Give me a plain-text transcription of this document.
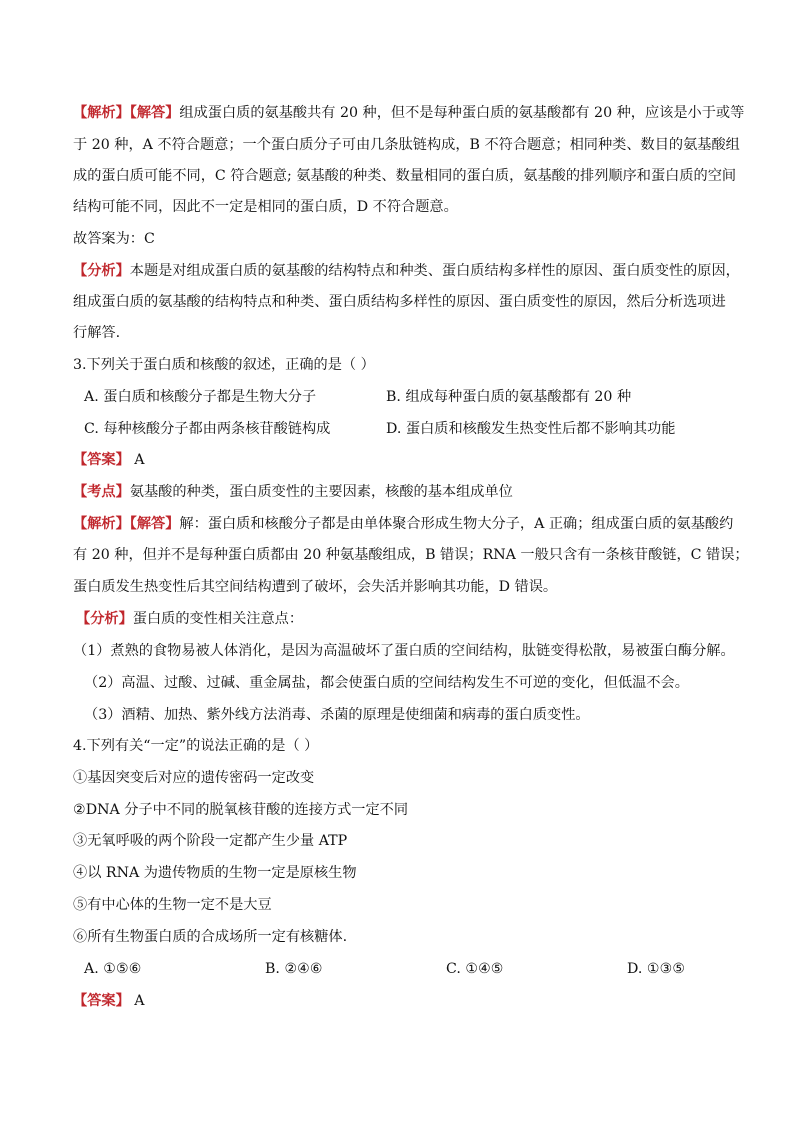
【解析】【解答】组成蛋白质的氨基酸共有 20 种，但不是每种蛋白质的氨基酸都有 20 种，应该是小于或等
于 20 种，A 不符合题意；一个蛋白质分子可由几条肽链构成，B 不符合题意；相同种类、数目的氨基酸组
成的蛋白质可能不同，C 符合题意; 氨基酸的种类、数量相同的蛋白质，氨基酸的排列顺序和蛋白质的空间
结构可能不同，因此不一定是相同的蛋白质，D 不符合题意。
故答案为：C
【分析】本题是对组成蛋白质的氨基酸的结构特点和种类、蛋白质结构多样性的原因、蛋白质变性的原因，
组成蛋白质的氨基酸的结构特点和种类、蛋白质结构多样性的原因、蛋白质变性的原因，然后分析选项进
行解答.
3.下列关于蛋白质和核酸的叙述，正确的是（ ）
A. 蛋白质和核酸分子都是生物大分子	B. 组成每种蛋白质的氨基酸都有 20 种
C. 每种核酸分子都由两条核苷酸链构成	D. 蛋白质和核酸发生热变性后都不影响其功能
【答案】 A
【考点】氨基酸的种类，蛋白质变性的主要因素，核酸的基本组成单位
【解析】【解答】解：蛋白质和核酸分子都是由单体聚合形成生物大分子，A 正确；组成蛋白质的氨基酸约
有 20 种，但并不是每种蛋白质都由 20 种氨基酸组成，B 错误；RNA 一般只含有一条核苷酸链，C 错误；
蛋白质发生热变性后其空间结构遭到了破坏，会失活并影响其功能，D 错误。
【分析】蛋白质的变性相关注意点：
（1）煮熟的食物易被人体消化，是因为高温破坏了蛋白质的空间结构，肽链变得松散，易被蛋白酶分解。
（2）高温、过酸、过碱、重金属盐，都会使蛋白质的空间结构发生不可逆的变化，但低温不会。
（3）酒精、加热、紫外线方法消毒、杀菌的原理是使细菌和病毒的蛋白质变性。
4.下列有关“一定”的说法正确的是（ ）
①基因突变后对应的遗传密码一定改变
②DNA 分子中不同的脱氧核苷酸的连接方式一定不同
③无氧呼吸的两个阶段一定都产生少量 ATP
④以 RNA 为遗传物质的生物一定是原核生物
⑤有中心体的生物一定不是大豆
⑥所有生物蛋白质的合成场所一定有核糖体.
A. ①⑤⑥	B. ②④⑥	C. ①④⑤	D. ①③⑤
【答案】 A
